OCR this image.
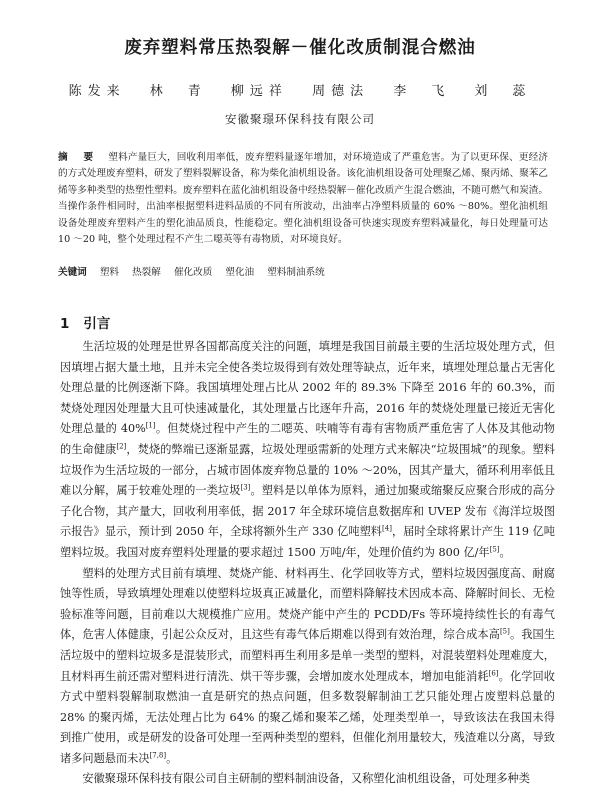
废弃塑料常压热裂解－催化改质制混合燃油
陈发来 林　青 柳远祥 周德法 李　飞 刘　蕊
安徽聚璟环保科技有限公司
摘　要 塑料产量巨大，回收利用率低，废弃塑料量逐年增加，对环境造成了严重危害。为了以更环保、更经济的方式处理废弃塑料，研发了塑料裂解设备，称为柴化油机组设备。该化油机组设备可处理聚乙烯、聚丙烯、聚苯乙烯等多种类型的热塑性塑料。废弃塑料在蓝化油机组设备中经热裂解－催化改质产生混合燃油，不随可燃气和炭渣。当操作条件相同时，出油率根据塑料进料品质的不同有所波动，出油率占净塑料质量的 60% ～80%。塑化油机组设备处理废弃塑料产生的塑化油品质良，性能稳定。塑化油机组设备可快速实现废弃塑料减量化，每日处理量可达 10 ～20 吨，整个处理过程不产生二噁英等有毒物质，对环境良好。
关键词 塑料 热裂解 催化改质 塑化油 塑料制油系统
1 引言

生活垃圾的处理是世界各国都高度关注的问题，填埋是我国目前最主要的生活垃圾处理方式，但因填埋占据大量土地，且并未完全使各类垃圾得到有效处理等缺点，近年来，填埋处理总量占无害化处理总量的比例逐渐下降。我国填埋处理占比从 2002 年的 89.3% 下降至 2016 年的 60.3%，而焚烧处理因处理量大且可快速减量化，其处理量占比逐年升高，2016 年的焚烧处理量已接近无害化处理总量的 40%[1]。但焚烧过程中产生的二噁英、呋喃等有毒有害物质严重危害了人体及其他动物的生命健康[2]，焚烧的弊端已逐渐显露，垃圾处理亟需新的处理方式来解决“垃圾围城”的现象。塑料垃圾作为生活垃圾的一部分，占城市固体废弃物总量的 10% ～20%，因其产量大，循环利用率低且难以分解，属于较难处理的一类垃圾[3]。塑料是以单体为原料，通过加聚或缩聚反应聚合形成的高分子化合物，其产量大，回收利用率低，据 2017 年全球环境信息数据库和 UVEP 发布《海洋垃圾图示报告》显示，预计到 2050 年，全球将额外生产 330 亿吨塑料[4]，届时全球将累计产生 119 亿吨塑料垃圾。我国对废弃塑料处理量的要求超过 1500 万吨/年，处理价值约为 800 亿/年[5]。

塑料的处理方式目前有填埋、焚烧产能、材料再生、化学回收等方式，塑料垃圾因强度高、耐腐蚀等性质，导致填埋处理难以使塑料垃圾真正减量化，而塑料降解技术因成本高、降解时间长、无检验标准等问题，目前难以大规模推广应用。焚烧产能中产生的 PCDD/Fs 等环境持续性长的有毒气体，危害人体健康，引起公众反对，且这些有毒气体后期难以得到有效治理，综合成本高[5]。我国生活垃圾中的塑料垃圾多是混装形式，而塑料再生利用多是单一类型的塑料，对混装塑料处理难度大，且材料再生前还需对塑料进行清洗、烘干等步骤，会增加废水处理成本，增加电能消耗[6]。化学回收方式中塑料裂解制取燃油一直是研究的热点问题，但多数裂解制油工艺只能处理占废塑料总量的 28% 的聚丙烯，无法处理占比为 64% 的聚乙烯和聚苯乙烯，处理类型单一，导致该法在我国未得到推广使用，或是研发的设备可处理一至两种类型的塑料，但催化剂用量较大，残渣难以分离，导致诸多问题悬而未决[7,8]。

安徽聚璟环保科技有限公司自主研制的塑料制油设备，又称塑化油机组设备，可处理多种类
